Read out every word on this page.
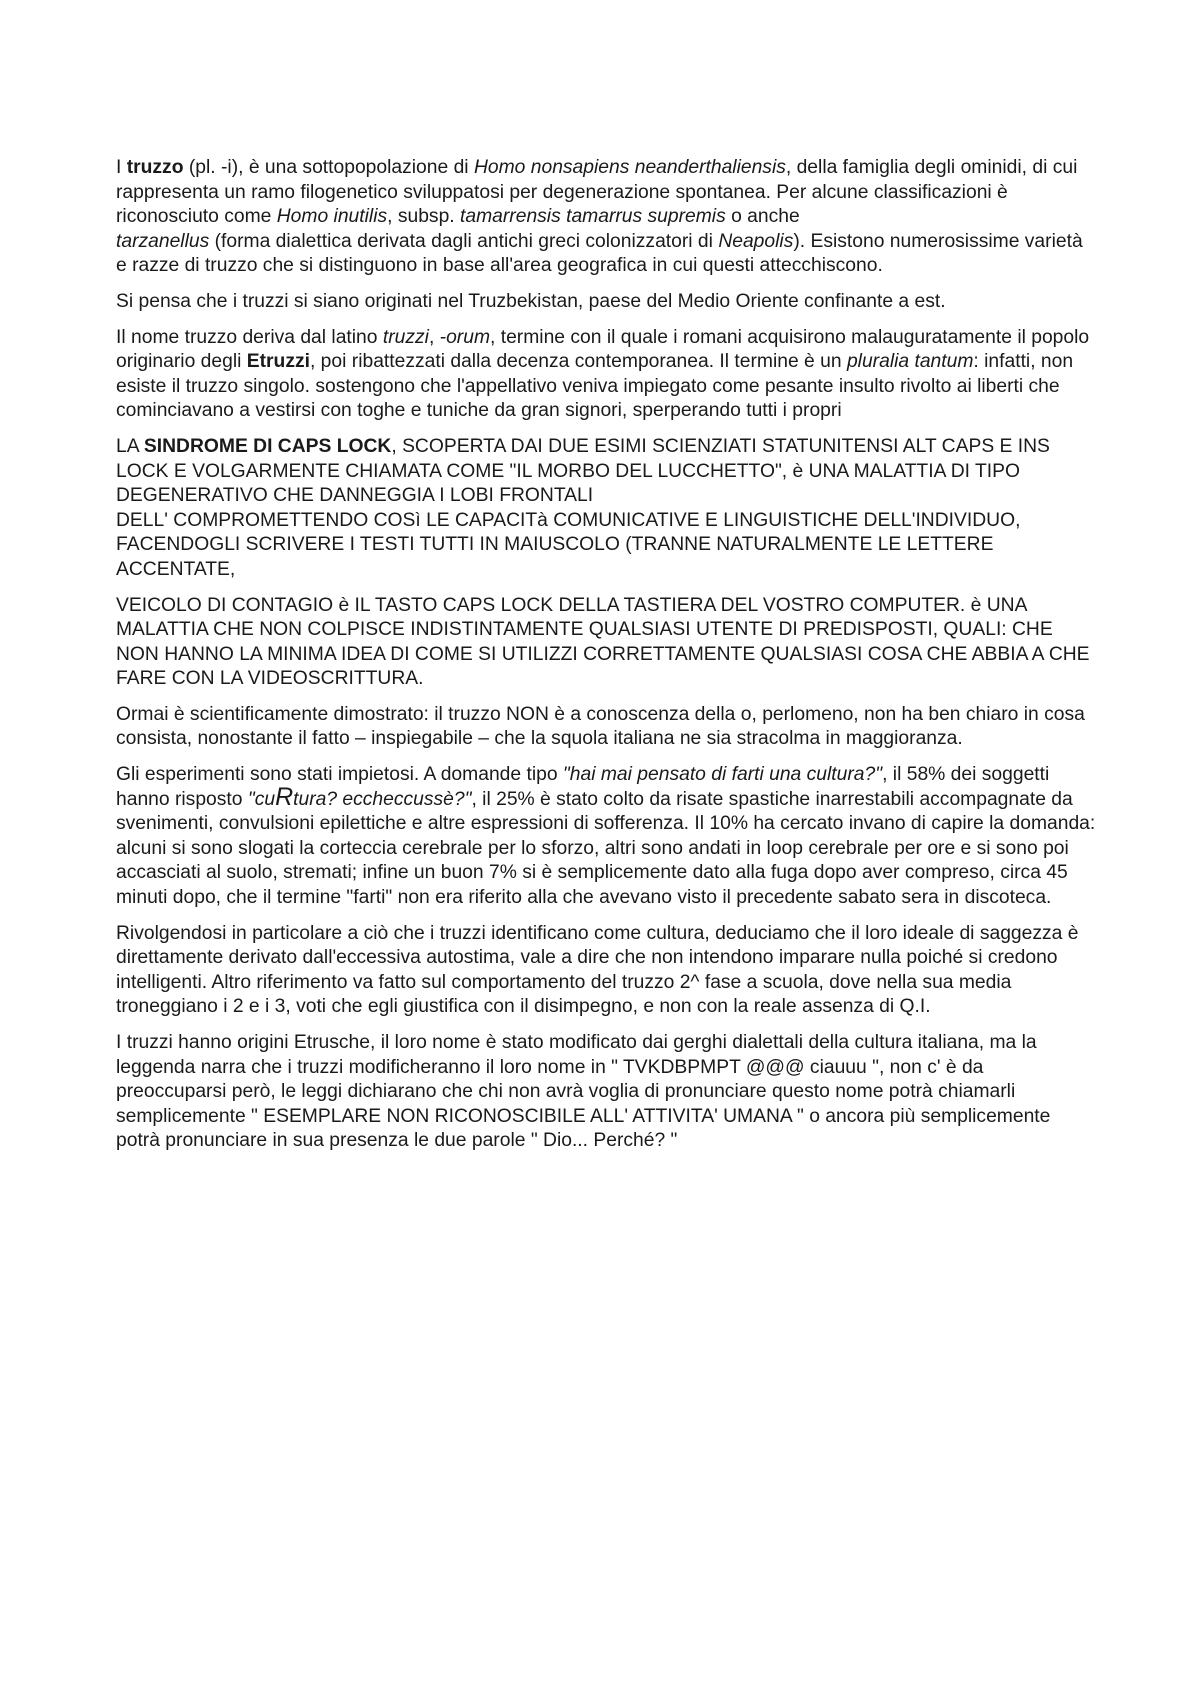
I truzzo (pl. -i), è una sottopopolazione di Homo nonsapiens neanderthaliensis, della famiglia degli ominidi, di cui rappresenta un ramo filogenetico sviluppatosi per degenerazione spontanea. Per alcune classificazioni è riconosciuto come Homo inutilis, subsp. tamarrensis tamarrus supremis o anche
tarzanellus (forma dialettica derivata dagli antichi greci colonizzatori di Neapolis). Esistono numerosissime varietà e razze di truzzo che si distinguono in base all'area geografica in cui questi attecchiscono.

Si pensa che i truzzi si siano originati nel Truzbekistan, paese del Medio Oriente confinante a est.

Il nome truzzo deriva dal latino truzzi, -orum, termine con il quale i romani acquisirono malauguratamente il popolo originario degli Etruzzi, poi ribattezzati dalla decenza contemporanea. Il termine è un pluralia tantum: infatti, non esiste il truzzo singolo. sostengono che l'appellativo veniva impiegato come pesante insulto rivolto ai liberti che cominciavano a vestirsi con toghe e tuniche da gran signori, sperperando tutti i propri

LA SINDROME DI CAPS LOCK, SCOPERTA DAI DUE ESIMI SCIENZIATI STATUNITENSI ALT CAPS E INS LOCK E VOLGARMENTE CHIAMATA COME "IL MORBO DEL LUCCHETTO", è UNA MALATTIA DI TIPO DEGENERATIVO CHE DANNEGGIA I LOBI FRONTALI
DELL' COMPROMETTENDO COSì LE CAPACITà COMUNICATIVE E LINGUISTICHE DELL'INDIVIDUO, FACENDOGLI SCRIVERE I TESTI TUTTI IN MAIUSCOLO (TRANNE NATURALMENTE LE LETTERE ACCENTATE,

VEICOLO DI CONTAGIO è IL TASTO CAPS LOCK DELLA TASTIERA DEL VOSTRO COMPUTER. è UNA MALATTIA CHE NON COLPISCE INDISTINTAMENTE QUALSIASI UTENTE DI PREDISPOSTI, QUALI: CHE NON HANNO LA MINIMA IDEA DI COME SI UTILIZZI CORRETTAMENTE QUALSIASI COSA CHE ABBIA A CHE FARE CON LA VIDEOSCRITTURA.

Ormai è scientificamente dimostrato: il truzzo NON è a conoscenza della o, perlomeno, non ha ben chiaro in cosa consista, nonostante il fatto – inspiegabile – che la squola italiana ne sia stracolma in maggioranza.

Gli esperimenti sono stati impietosi. A domande tipo "hai mai pensato di farti una cultura?", il 58% dei soggetti hanno risposto "cuRtura? eccheccussè?", il 25% è stato colto da risate spastiche inarrestabili accompagnate da svenimenti, convulsioni epilettiche e altre espressioni di sofferenza. Il 10% ha cercato invano di capire la domanda: alcuni si sono slogati la corteccia cerebrale per lo sforzo, altri sono andati in loop cerebrale per ore e si sono poi accasciati al suolo, stremati; infine un buon 7% si è semplicemente dato alla fuga dopo aver compreso, circa 45 minuti dopo, che il termine "farti" non era riferito alla che avevano visto il precedente sabato sera in discoteca.

Rivolgendosi in particolare a ciò che i truzzi identificano come cultura, deduciamo che il loro ideale di saggezza è direttamente derivato dall'eccessiva autostima, vale a dire che non intendono imparare nulla poiché si credono intelligenti. Altro riferimento va fatto sul comportamento del truzzo 2^ fase a scuola, dove nella sua media troneggiano i 2 e i 3, voti che egli giustifica con il disimpegno, e non con la reale assenza di Q.I.

I truzzi hanno origini Etrusche, il loro nome è stato modificato dai gerghi dialettali della cultura italiana, ma la leggenda narra che i truzzi modificheranno il loro nome in " TVKDBPMPT @@@ ciauuu ", non c' è da preoccuparsi però, le leggi dichiarano che chi non avrà voglia di pronunciare questo nome potrà chiamarli semplicemente " ESEMPLARE NON RICONOSCIBILE ALL' ATTIVITA' UMANA " o ancora più semplicemente potrà pronunciare in sua presenza le due parole " Dio... Perché? "
